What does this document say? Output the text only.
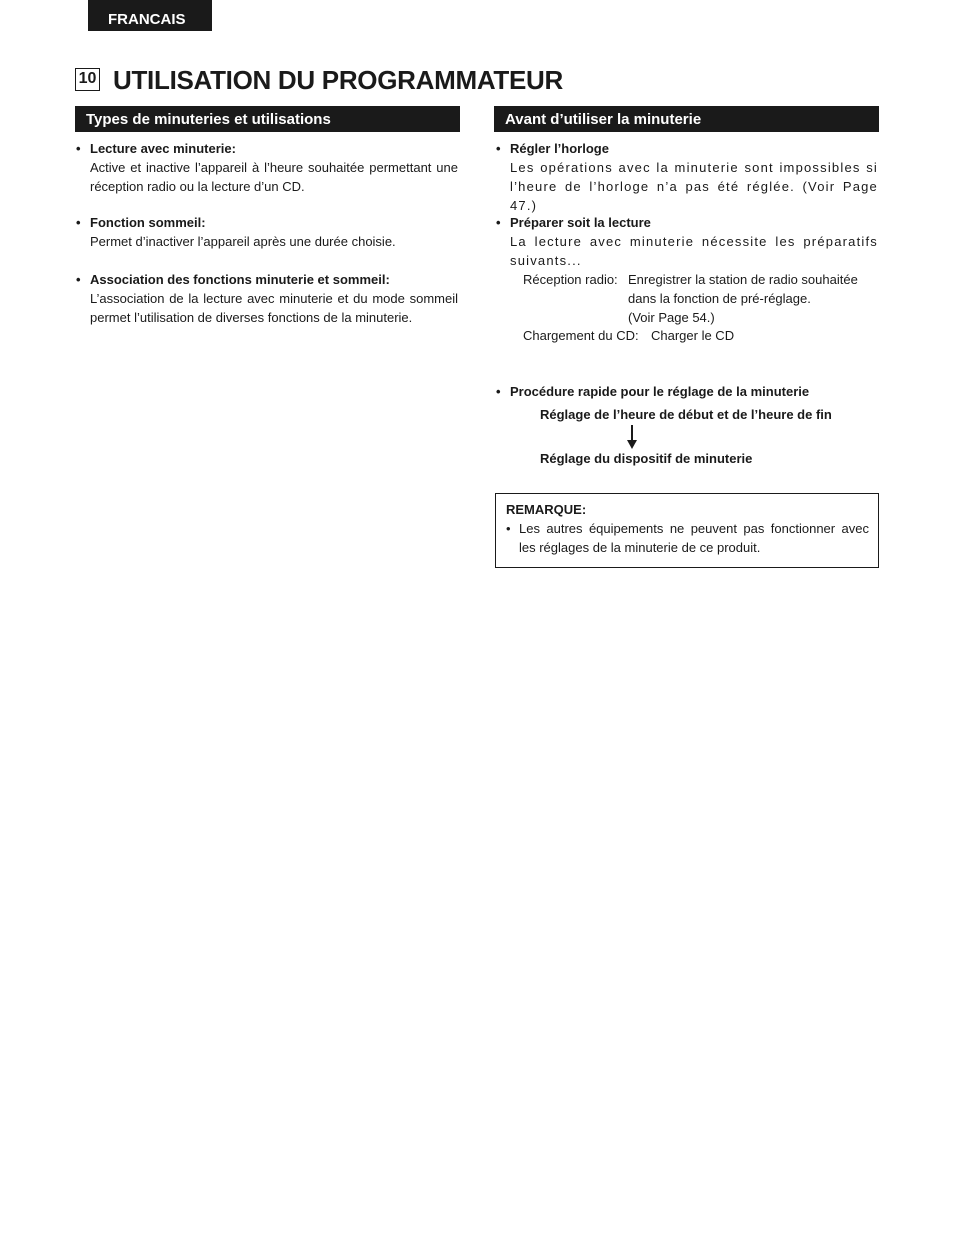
FRANCAIS
10 UTILISATION DU PROGRAMMATEUR
Types de minuteries et utilisations
• Lecture avec minuterie:
Active et inactive l’appareil à l’heure souhaitée permettant une réception radio ou la lecture d’un CD.
• Fonction sommeil:
Permet d’inactiver l’appareil après une durée choisie.
• Association des fonctions minuterie et sommeil:
L’association de la lecture avec minuterie et du mode sommeil permet l’utilisation de diverses fonctions de la minuterie.
Avant d’utiliser la minuterie
• Régler l’horloge
Les opérations avec la minuterie sont impossibles si l’heure de l’horloge n’a pas été réglée. (Voir Page 47.)
• Préparer soit la lecture
La lecture avec minuterie nécessite les préparatifs suivants...
Réception radio: Enregistrer la station de radio souhaitée
dans la fonction de pré-réglage.
(Voir Page 54.)
Chargement du CD: Charger le CD
• Procédure rapide pour le réglage de la minuterie
Réglage de l’heure de début et de l’heure de fin
Réglage du dispositif de minuterie
REMARQUE:
• Les autres équipements ne peuvent pas fonctionner avec les réglages de la minuterie de ce produit.
